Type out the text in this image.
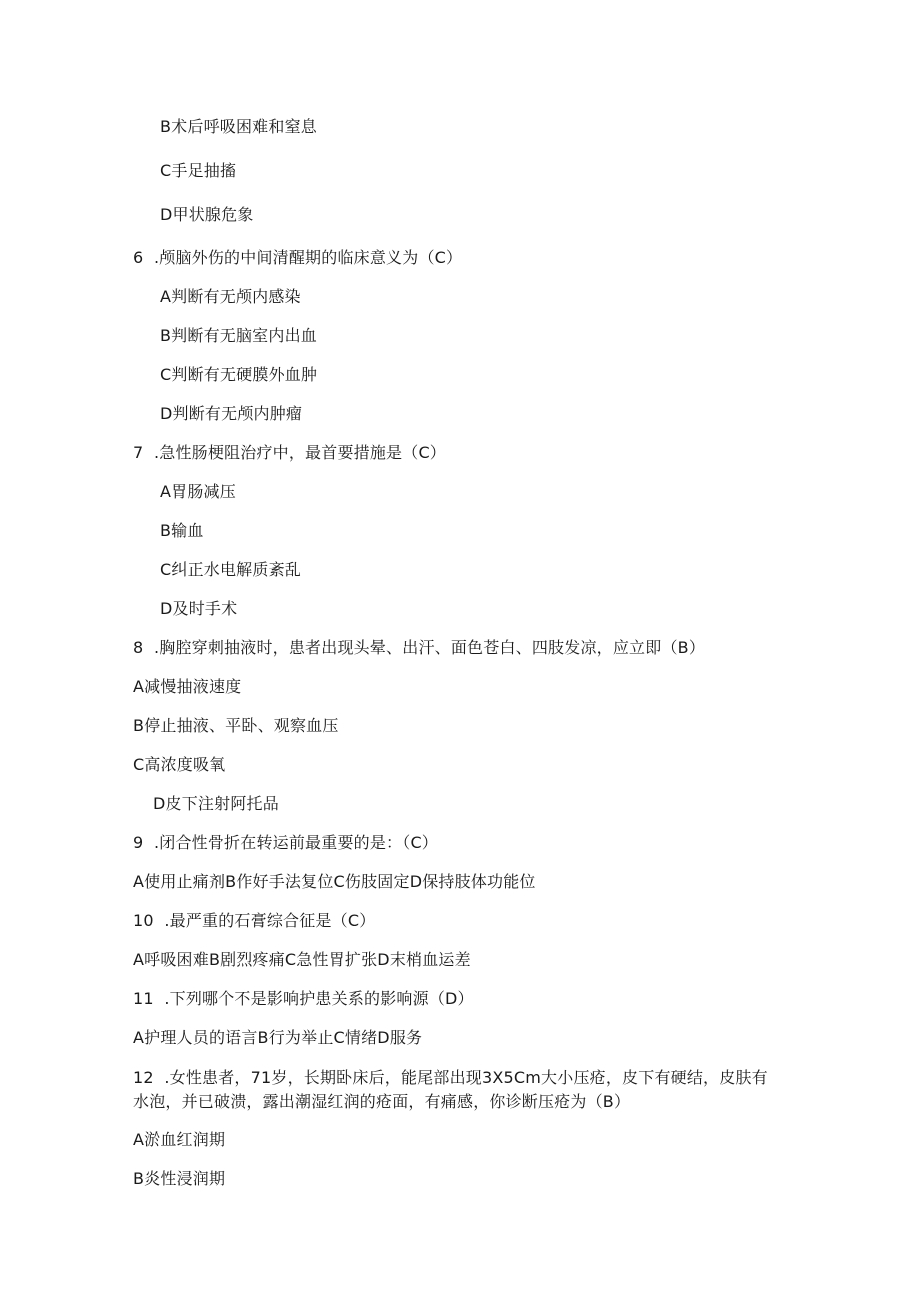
B术后呼吸困难和窒息
C手足抽搐
D甲状腺危象
6  .颅脑外伤的中间清醒期的临床意义为（C）
A判断有无颅内感染
B判断有无脑室内出血
C判断有无硬膜外血肿
D判断有无颅内肿瘤
7  .急性肠梗阻治疗中，最首要措施是（C）
A胃肠减压
B输血
C纠正水电解质紊乱
D及时手术
8  .胸腔穿刺抽液时，患者出现头晕、出汗、面色苍白、四肢发凉，应立即（B）
A减慢抽液速度
B停止抽液、平卧、观察血压
C高浓度吸氧
D皮下注射阿托品
9  .闭合性骨折在转运前最重要的是：（C）
A使用止痛剂B作好手法复位C伤肢固定D保持肢体功能位
10  .最严重的石膏综合征是（C）
A呼吸困难B剧烈疼痛C急性胃扩张D末梢血运差
11  .下列哪个不是影响护患关系的影响源（D）
A护理人员的语言B行为举止C情绪D服务
12  .女性患者，71岁，长期卧床后，能尾部出现3X5Cm大小压疮，皮下有硬结，皮肤有水泡，并已破溃，露出潮湿红润的疮面，有痛感，你诊断压疮为（B）
A淤血红润期
B炎性浸润期
